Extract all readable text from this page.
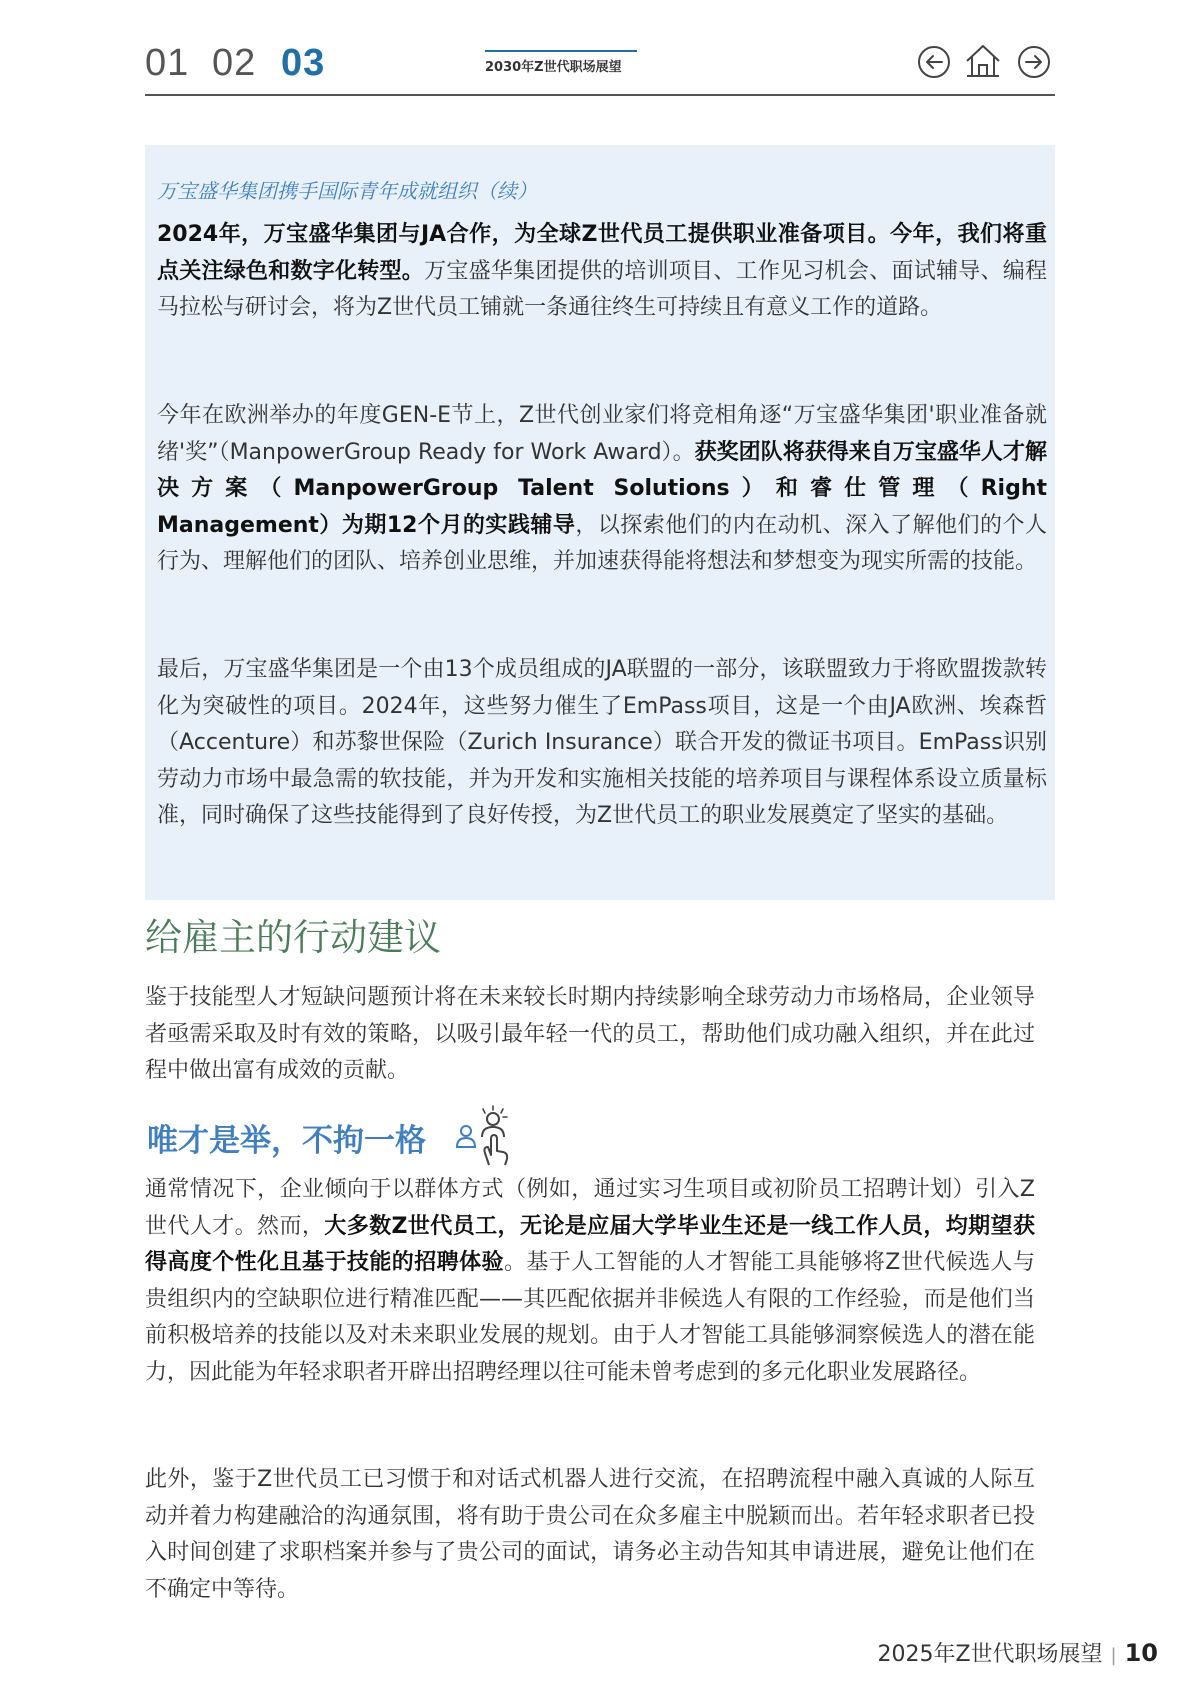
01 02 03	2030年Z世代职场展望
万宝盛华集团携手国际青年成就组织（续）
2024年，万宝盛华集团与JA合作，为全球Z世代员工提供职业准备项目。今年，我们将重点关注绿色和数字化转型。万宝盛华集团提供的培训项目、工作见习机会、面试辅导、编程马拉松与研讨会，将为Z世代员工铺就一条通往终生可持续且有意义工作的道路。
今年在欧洲举办的年度GEN-E节上，Z世代创业家们将竞相角逐“万宝盛华集团'职业准备就绪'奖”（ManpowerGroup Ready for Work Award）。获奖团队将获得来自万宝盛华人才解决方案（ManpowerGroup Talent Solutions）和睿仕管理（Right Management）为期12个月的实践辅导，以探索他们的内在动机、深入了解他们的个人行为、理解他们的团队、培养创业思维，并加速获得能将想法和梦想变为现实所需的技能。
最后，万宝盛华集团是一个由13个成员组成的JA联盟的一部分，该联盟致力于将欧盟拨款转化为突破性的项目。2024年，这些努力催生了EmPass项目，这是一个由JA欧洲、埃森哲（Accenture）和苏黎世保险（Zurich Insurance）联合开发的微证书项目。EmPass识别劳动力市场中最急需的软技能，并为开发和实施相关技能的培养项目与课程体系设立质量标准，同时确保了这些技能得到了良好传授，为Z世代员工的职业发展奠定了坚实的基础。
给雇主的行动建议
鉴于技能型人才短缺问题预计将在未来较长时期内持续影响全球劳动力市场格局，企业领导者亟需采取及时有效的策略，以吸引最年轻一代的员工，帮助他们成功融入组织，并在此过程中做出富有成效的贡献。
唯才是举，不拘一格
通常情况下，企业倾向于以群体方式（例如，通过实习生项目或初阶员工招聘计划）引入Z世代人才。然而，大多数Z世代员工，无论是应届大学毕业生还是一线工作人员，均期望获得高度个性化且基于技能的招聘体验。基于人工智能的人才智能工具能够将Z世代候选人与贵组织内的空缺职位进行精准匹配——其匹配依据并非候选人有限的工作经验，而是他们当前积极培养的技能以及对未来职业发展的规划。由于人才智能工具能够洞察候选人的潜在能力，因此能为年轻求职者开辟出招聘经理以往可能未曾考虑到的多元化职业发展路径。
此外，鉴于Z世代员工已习惯于和对话式机器人进行交流，在招聘流程中融入真诚的人际互动并着力构建融洽的沟通氛围，将有助于贵公司在众多雇主中脱颖而出。若年轻求职者已投入时间创建了求职档案并参与了贵公司的面试，请务必主动告知其申请进展，避免让他们在不确定中等待。
2025年Z世代职场展望 | 10
